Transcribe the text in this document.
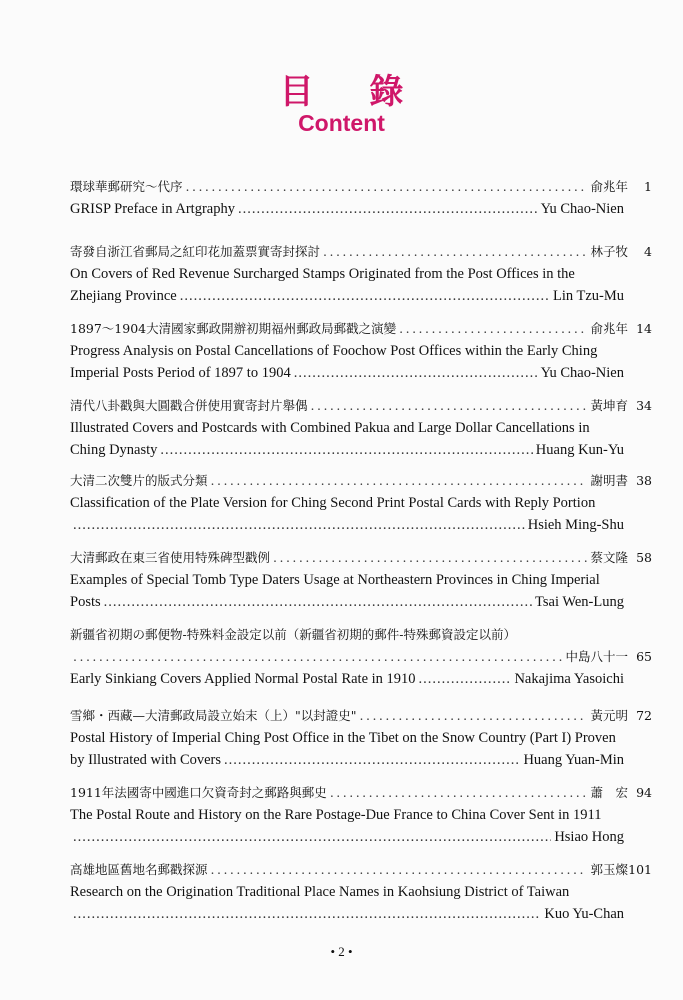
目 錄
Content
環球華郵研究～代序 .....	俞兆年	1
GRISP Preface in Artgraphy .....	Yu Chao-Nien
寄發自浙江省郵局之紅印花加蓋票實寄封探討 .....	林子牧	4
On Covers of Red Revenue Surcharged Stamps Originated from the Post Offices in the
Zhejiang Province .....	Lin Tzu-Mu
1897～1904大清國家郵政開辦初期福州郵政局郵戳之演變 .....	俞兆年 14
Progress Analysis on Postal Cancellations of Foochow Post Offices within the Early Ching
Imperial Posts Period of 1897 to 1904 .....	Yu Chao-Nien
清代八卦戳與大圓戳合併使用實寄封片舉偶 .....	黃坤育 34
Illustrated Covers and Postcards with Combined Pakua and Large Dollar Cancellations in
Ching Dynasty .....	Huang Kun-Yu
大清二次雙片的版式分類 .....	謝明書 38
Classification of the Plate Version for Ching Second Print Postal Cards with Reply Portion
.....
Hsieh Ming-Shu
大清郵政在東三省使用特殊碑型戳例 .....	蔡文隆 58
Examples of Special Tomb Type Daters Usage at Northeastern Provinces in Ching Imperial
Posts .....	Tsai Wen-Lung
新疆省初期の郵便物-特殊料金設定以前（新疆省初期的郵件-特殊郵資設定以前）
.....
中島八十一 65
Early Sinkiang Covers Applied Normal Postal Rate in 1910 .....	Nakajima Yasoichi
雪鄉・西藏—大清郵政局設立始末（上）"以封證史" .....	黃元明 72
Postal History of Imperial Ching Post Office in the Tibet on the Snow Country (Part I) Proven
by Illustrated with Covers .....	Huang Yuan-Min
1911年法國寄中國進口欠資奇封之郵路與郵史 .....	蕭　宏 94
The Postal Route and History on the Rare Postage-Due France to China Cover Sent in 1911
.....
Hsiao Hong
高雄地區舊地名郵戳探源 .....	郭玉燦 101
Research on the Origination Traditional Place Names in Kaohsiung District of Taiwan
.....
Kuo Yu-Chan
• 2 •
